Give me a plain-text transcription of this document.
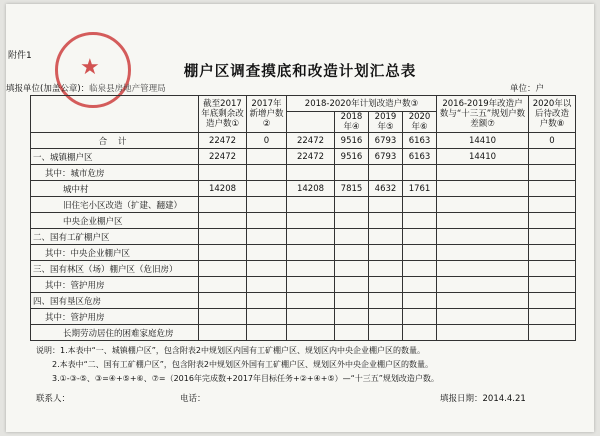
★
附件1
棚户区调查摸底和改造计划汇总表
填报单位(加盖公章)：临泉县房地产管理局	单位：户
	截至2017年底剩余改造户数①	2017年新增户数②	2018-2020年计划改造户数③				2016-2019年改造户数与“十三五”规划户数差额⑦	2020年以后待改造户数⑧
				2018年④	2019年⑤	2020年⑥		
合 计	22472	0	22472	9516	6793	6163	14410	0
一、城镇棚户区	22472		22472	9516	6793	6163	14410	
其中：城市危房								
城中村	14208		14208	7815	4632	1761		
旧住宅小区改造（扩建、翻建）								
中央企业棚户区								
二、国有工矿棚户区								
其中：中央企业棚户区								
三、国有林区（场）棚户区（危旧房）								
其中：管护用房								
四、国有垦区危房								
其中：管护用房								
长期劳动居住的困难家庭危房								
说明：1.本表中“一、城镇棚户区”，包含附表2中规划区内国有工矿棚户区、规划区内中央企业棚户区的数量。
2.本表中“二、国有工矿棚户区”，包含附表2中规划区外国有工矿棚户区、规划区外中央企业棚户区的数量。
3.①-③-⑤、③=④+⑤+⑥、⑦=（2016年完成数+2017年目标任务+②+④+⑤）—“十三五”规划改造户数。
联系人：	电话：	填报日期：2014.4.21
